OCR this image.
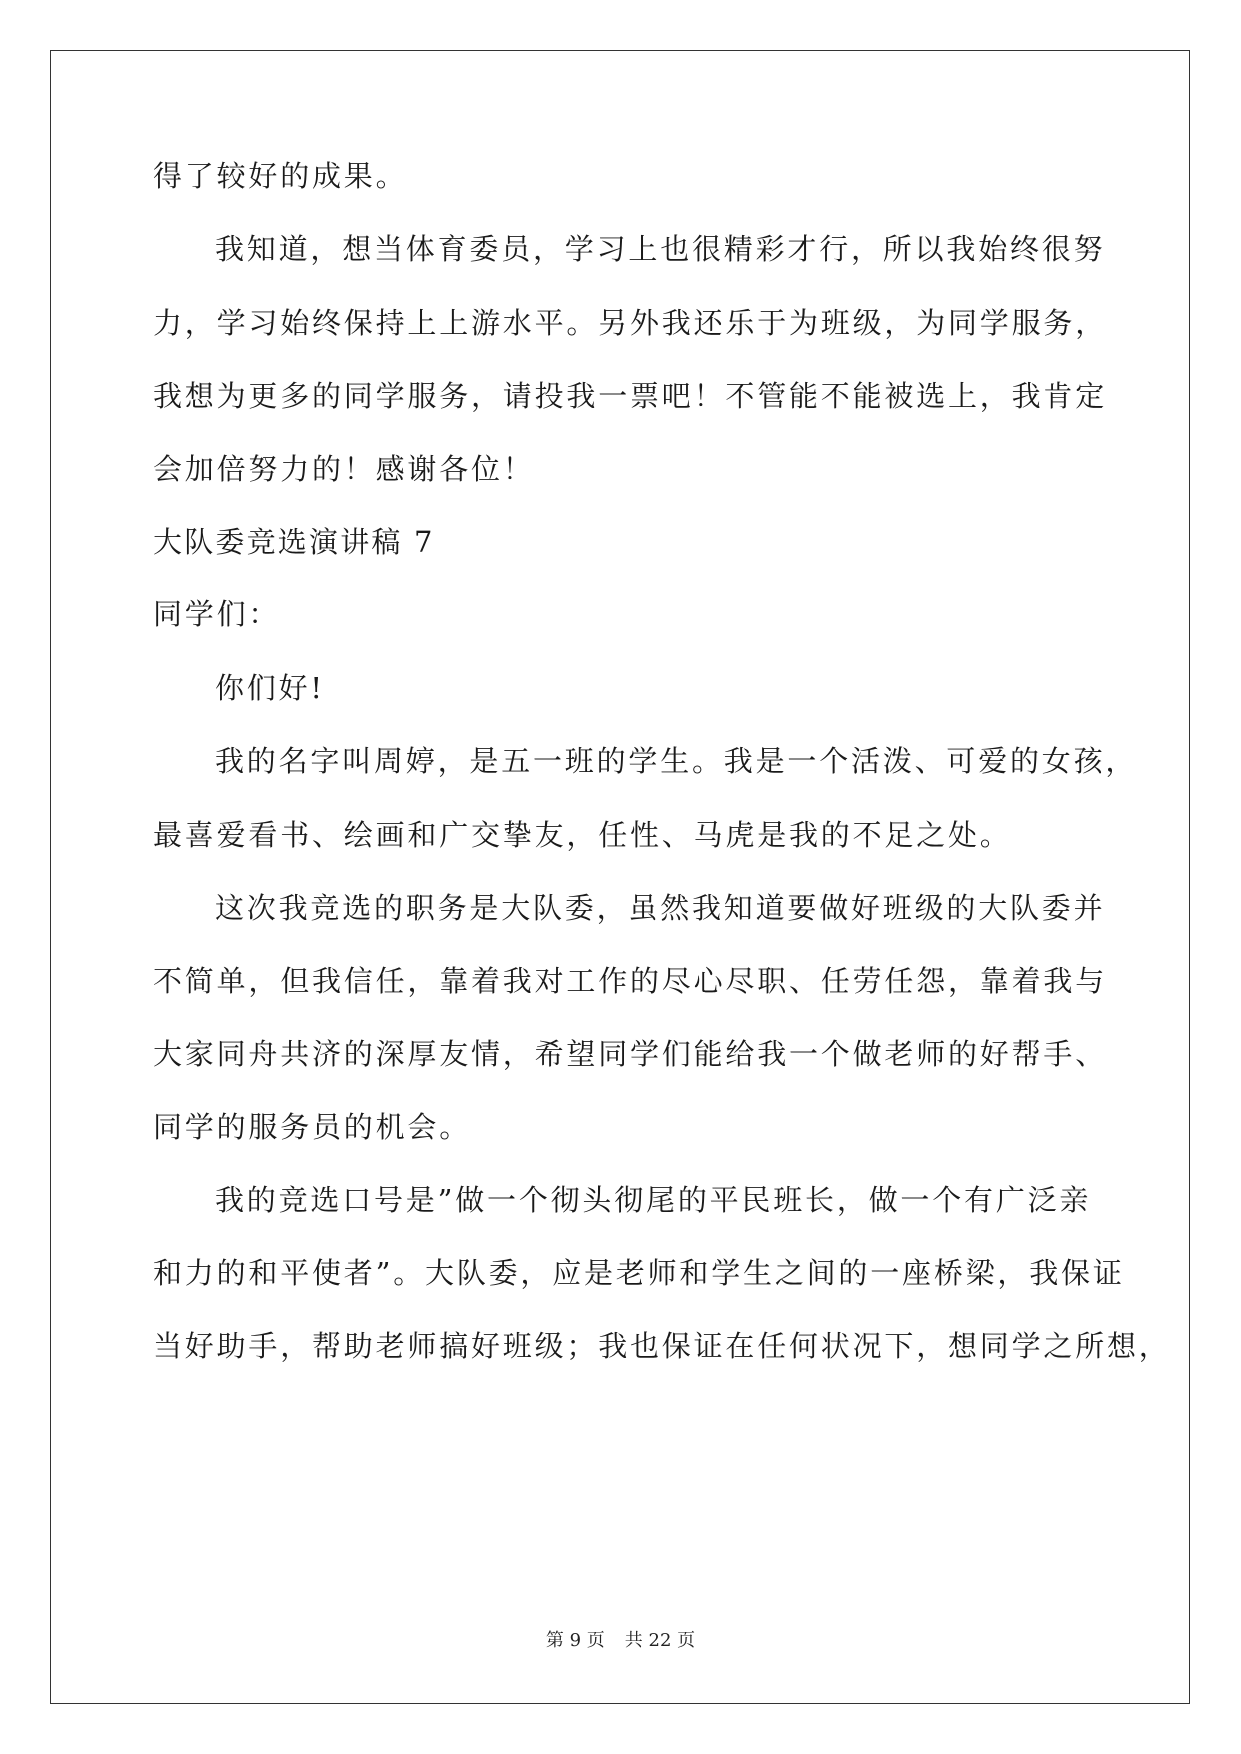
得了较好的成果。
我知道，想当体育委员，学习上也很精彩才行，所以我始终很努
力，学习始终保持上上游水平。另外我还乐于为班级，为同学服务，
我想为更多的同学服务，请投我一票吧！不管能不能被选上，我肯定
会加倍努力的！感谢各位！
大队委竞选演讲稿 7
同学们：
你们好!
我的名字叫周婷，是五一班的学生。我是一个活泼、可爱的女孩，
最喜爱看书、绘画和广交挚友，任性、马虎是我的不足之处。
这次我竞选的职务是大队委，虽然我知道要做好班级的大队委并
不简单，但我信任，靠着我对工作的尽心尽职、任劳任怨，靠着我与
大家同舟共济的深厚友情，希望同学们能给我一个做老师的好帮手、
同学的服务员的机会。
我的竞选口号是”做一个彻头彻尾的平民班长，做一个有广泛亲
和力的和平使者”。大队委，应是老师和学生之间的一座桥梁，我保证
当好助手，帮助老师搞好班级；我也保证在任何状况下，想同学之所想，
第 9 页 共 22 页
